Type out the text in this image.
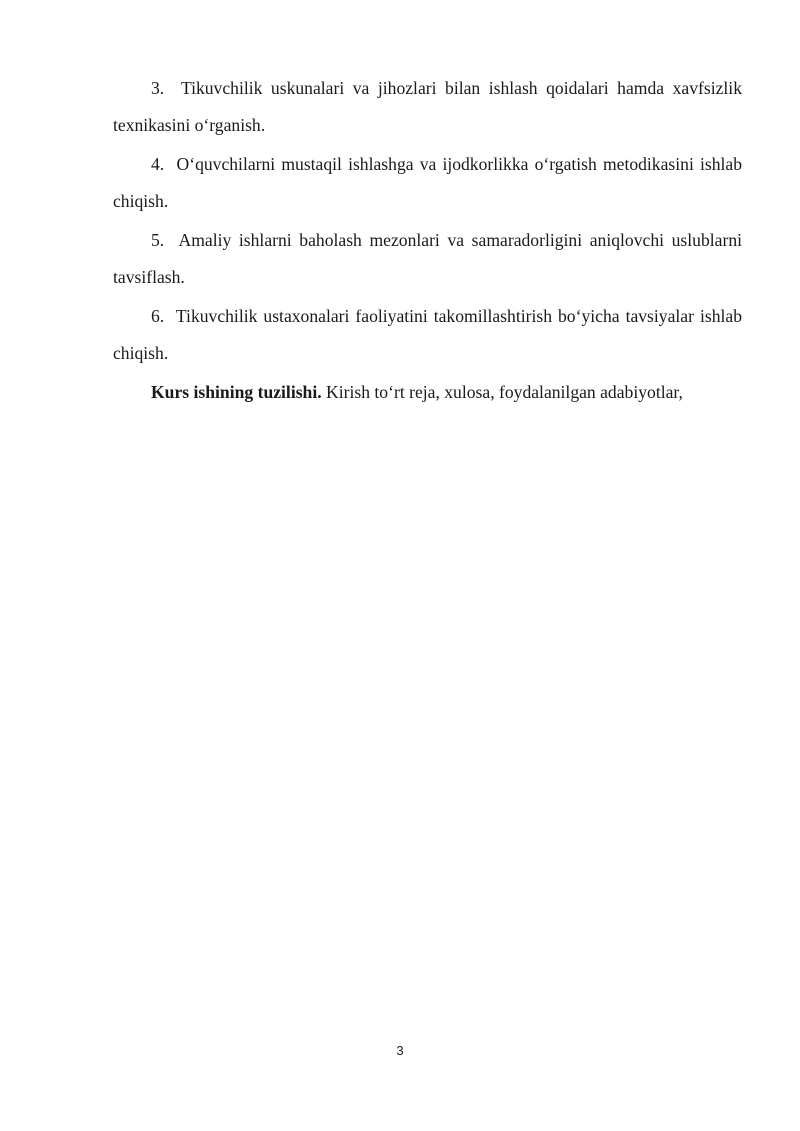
3. Tikuvchilik uskunalari va jihozlari bilan ishlash qoidalari hamda xavfsizlik texnikasini o‘rganish.

4. O‘quvchilarni mustaqil ishlashga va ijodkorlikka o‘rgatish metodikasini ishlab chiqish.

5. Amaliy ishlarni baholash mezonlari va samaradorligini aniqlovchi uslublarni tavsiflash.

6. Tikuvchilik ustaxonalari faoliyatini takomillashtirish bo‘yicha tavsiyalar ishlab chiqish.

Kurs ishining tuzilishi. Kirish to‘rt reja, xulosa, foydalanilgan adabiyotlar,

3
